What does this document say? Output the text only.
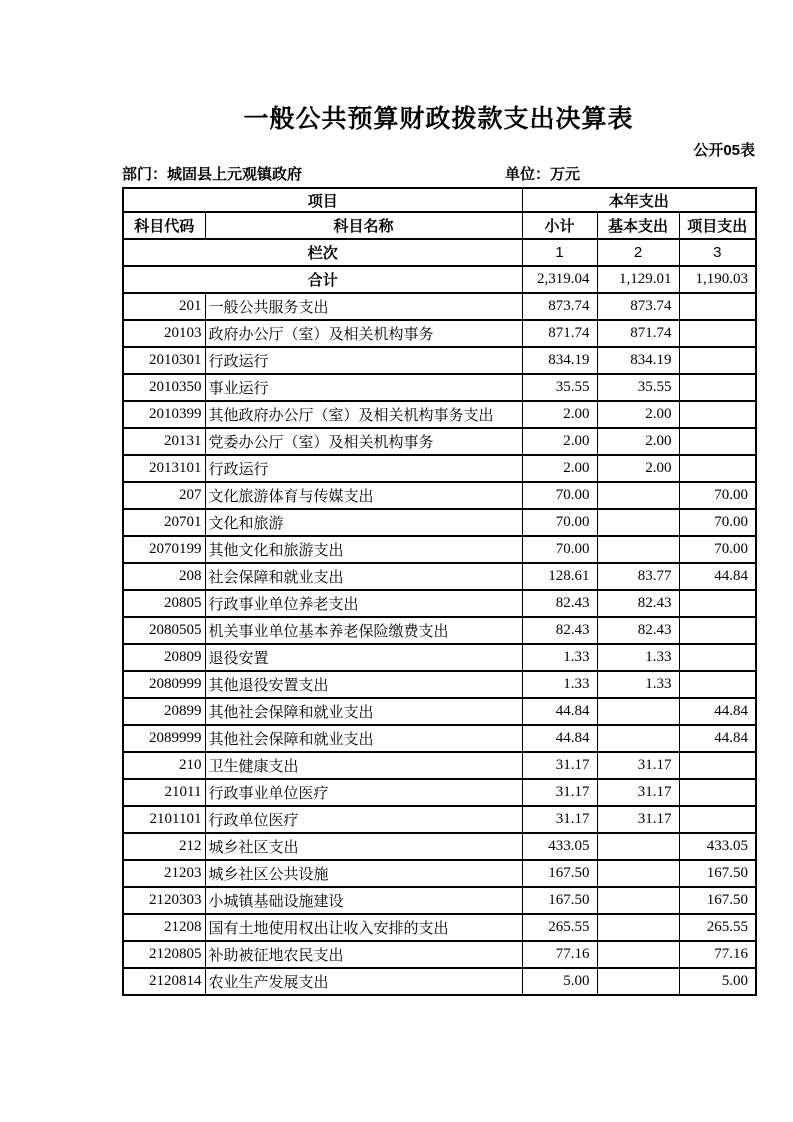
一般公共预算财政拨款支出决算表
公开05表
部门：城固县上元观镇政府	单位：万元
项目		本年支出		
科目代码	科目名称	小计	基本支出	项目支出
栏次		1	2	3
合计		2,319.04	1,129.01	1,190.03
201	一般公共服务支出	873.74	873.74	
20103	政府办公厅（室）及相关机构事务	871.74	871.74	
2010301	行政运行	834.19	834.19	
2010350	事业运行	35.55	35.55	
2010399	其他政府办公厅（室）及相关机构事务支出	2.00	2.00	
20131	党委办公厅（室）及相关机构事务	2.00	2.00	
2013101	行政运行	2.00	2.00	
207	文化旅游体育与传媒支出	70.00		70.00
20701	文化和旅游	70.00		70.00
2070199	其他文化和旅游支出	70.00		70.00
208	社会保障和就业支出	128.61	83.77	44.84
20805	行政事业单位养老支出	82.43	82.43	
2080505	机关事业单位基本养老保险缴费支出	82.43	82.43	
20809	退役安置	1.33	1.33	
2080999	其他退役安置支出	1.33	1.33	
20899	其他社会保障和就业支出	44.84		44.84
2089999	其他社会保障和就业支出	44.84		44.84
210	卫生健康支出	31.17	31.17	
21011	行政事业单位医疗	31.17	31.17	
2101101	行政单位医疗	31.17	31.17	
212	城乡社区支出	433.05		433.05
21203	城乡社区公共设施	167.50		167.50
2120303	小城镇基础设施建设	167.50		167.50
21208	国有土地使用权出让收入安排的支出	265.55		265.55
2120805	补助被征地农民支出	77.16		77.16
2120814	农业生产发展支出	5.00		5.00
